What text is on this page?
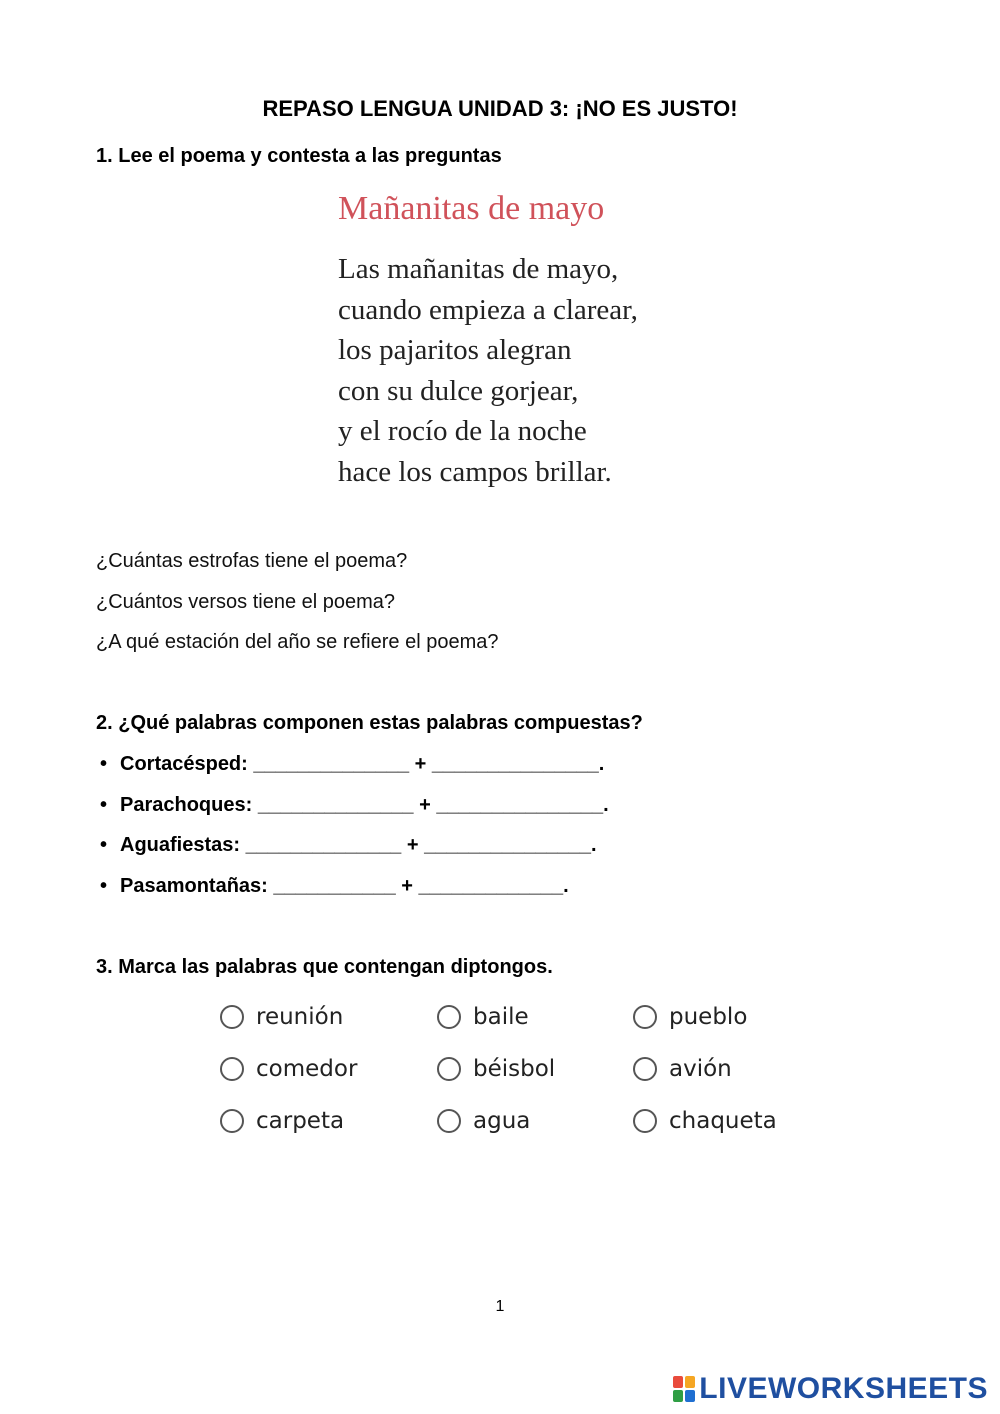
REPASO LENGUA UNIDAD 3: ¡NO ES JUSTO!
1. Lee el poema y contesta a las preguntas
Mañanitas de mayo
Las mañanitas de mayo,
cuando empieza a clarear,
los pajaritos alegran
con su dulce gorjear,
y el rocío de la noche
hace los campos brillar.
¿Cuántas estrofas tiene el poema?
¿Cuántos versos tiene el poema?
¿A qué estación del año se refiere el poema?
2. ¿Qué palabras componen estas palabras compuestas?
• Cortacésped: ______________ + _______________.
• Parachoques: ______________ + _______________.
• Aguafiestas: ______________ + _______________.
• Pasamontañas: ___________ + _____________.
3. Marca las palabras que contengan diptongos.
reunión	baile	pueblo
comedor	béisbol	avión
carpeta	agua	chaqueta
1
LIVEWORKSHEETS
